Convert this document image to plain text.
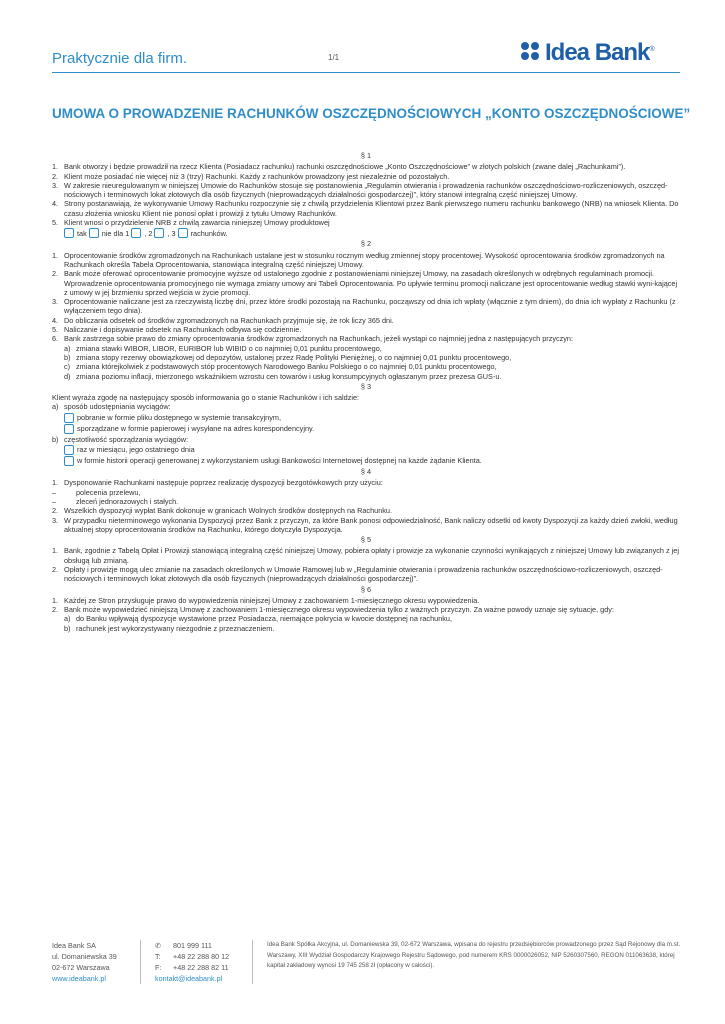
Praktycznie dla firm.	1/1	Idea Bank®
UMOWA O PROWADZENIE RACHUNKÓW OSZCZĘDNOŚCIOWYCH „KONTO OSZCZĘDNOŚCIOWE”
§ 1
1. Bank otworzy i będzie prowadził na rzecz Klienta (Posiadacz rachunku) rachunki oszczędnościowe „Konto Oszczędnościowe” w złotych polskich (zwane dalej „Rachunkami”).
2. Klient może posiadać nie więcej niż 3 (trzy) Rachunki. Każdy z rachunków prowadzony jest niezależnie od pozostałych.
3. W zakresie nieuregulowanym w niniejszej Umowie do Rachunków stosuje się postanowienia „Regulamin otwierania i prowadzenia rachunków oszczędnościowo-rozliczeniowych, oszczęd-nościowych i terminowych lokat złotowych dla osób fizycznych (nieprowadzących działalności gospodarczej)”, który stanowi integralną część niniejszej Umowy.
4. Strony postanawiają, że wykonywanie Umowy Rachunku rozpoczynie się z chwilą przydzielenia Klientowi przez Bank pierwszego numeru rachunku bankowego (NRB) na wniosek Klienta. Do czasu złożenia wniosku Klient nie ponosi opłat i prowizji z tytułu Umowy Rachunków.
5. Klient wnosi o przydzielenie NRB z chwilą zawarcia niniejszej Umowy produktowej
tak nie dla 1 , 2 , 3 rachunków.
§ 2
1. Oprocentowanie środków zgromadzonych na Rachunkach ustalane jest w stosunku rocznym według zmiennej stopy procentowej. Wysokość oprocentowania środków zgromadzonych na Rachunkach określa Tabela Oprocentowania, stanowiąca integralną część niniejszej Umowy.
2. Bank może oferować oprocentowanie promocyjne wyższe od ustalonego zgodnie z postanowieniami niniejszej Umowy, na zasadach określonych w odrębnych regulaminach promocji. Wprowadzenie oprocentowania promocyjnego nie wymaga zmiany umowy ani Tabeli Oprocentowania. Po upływie terminu promocji naliczane jest oprocentowanie według stawki wyni-kającej z umowy w jej brzmieniu sprzed wejścia w życie promocji.
3. Oprocentowanie naliczane jest za rzeczywistą liczbę dni, przez które środki pozostają na Rachunku, począwszy od dnia ich wpłaty (włącznie z tym dniem), do dnia ich wypłaty z Rachunku (z wyłączeniem tego dnia).
4. Do obliczania odsetek od środków zgromadzonych na Rachunkach przyjmuje się, że rok liczy 365 dni.
5. Naliczanie i dopisywanie odsetek na Rachunkach odbywa się codziennie.
6. Bank zastrzega sobie prawo do zmiany oprocentowania środków zgromadzonych na Rachunkach, jeżeli wystąpi co najmniej jedna z następujących przyczyn:
a) zmiana stawki WIBOR, LIBOR, EURIBOR lub WIBID o co najmniej 0,01 punktu procentowego,
b) zmiana stopy rezerwy obowiązkowej od depozytów, ustalonej przez Radę Polityki Pieniężnej, o co najmniej 0,01 punktu procentowego,
c) zmiana którejkolwiek z podstawowych stóp procentowych Narodowego Banku Polskiego o co najmniej 0,01 punktu procentowego,
d) zmiana poziomu inflacji, mierzonego wskaźnikiem wzrostu cen towarów i usług konsumpcyjnych ogłaszanym przez prezesa GUS-u.
§ 3
Klient wyraża zgodę na następujący sposób informowania go o stanie Rachunków i ich saldzie:
a) sposób udostępniania wyciągów:
pobranie w formie pliku dostępnego w systemie transakcyjnym,
sporządzane w formie papierowej i wysyłane na adres korespondencyjny.
b) częstotliwość sporządzania wyciągów:
raz w miesiącu, jego ostatniego dnia
w formie historii operacji generowanej z wykorzystaniem usługi Bankowości Internetowej dostępnej na każde żądanie Klienta.
§ 4
1. Dysponowanie Rachunkami następuje poprzez realizację dyspozycji bezgotówkowych przy użyciu:
–	polecenia przelewu,
–	zleceń jednorazowych i stałych.
2. Wszelkich dyspozycji wypłat Bank dokonuje w granicach Wolnych środków dostępnych na Rachunku.
3. W przypadku nieterminowego wykonania Dyspozycji przez Bank z przyczyn, za które Bank ponosi odpowiedzialność, Bank naliczy odsetki od kwoty Dyspozycji za każdy dzień zwłoki, według aktualnej stopy oprocentowania środków na Rachunku, którego dotyczyła Dyspozycja.
§ 5
1. Bank, zgodnie z Tabelą Opłat i Prowizji stanowiącą integralną część niniejszej Umowy, pobiera opłaty i prowizje za wykonanie czynności wynikających z niniejszej Umowy lub związanych z jej obsługą lub zmianą.
2. Opłaty i prowizje mogą ulec zmianie na zasadach określonych w Umowie Ramowej lub w „Regulaminie otwierania i prowadzenia rachunków oszczędnościowo-rozliczeniowych, oszczęd-nościowych i terminowych lokat złotowych dla osób fizycznych (nieprowadzących działalności gospodarczej)”.
§ 6
1. Każdej ze Stron przysługuje prawo do wypowiedzenia niniejszej Umowy z zachowaniem 1-miesięcznego okresu wypowiedzenia.
2. Bank może wypowiedzieć niniejszą Umowę z zachowaniem 1-miesięcznego okresu wypowiedzenia tylko z ważnych przyczyn. Za ważne powody uznaje się sytuacje, gdy:
a) do Banku wpływają dyspozycje wystawione przez Posiadacza, niemające pokrycia w kwocie dostępnej na rachunku,
b) rachunek jest wykorzystywany niezgodnie z przeznaczeniem.
Idea Bank SA
ul. Domaniewska 39
02-672 Warszawa
www.ideabank.pl
✆	801 999 111
T:	+48 22 288 80 12
F:	+48 22 288 82 11
kontakt@ideabank.pl
Idea Bank Spółka Akcyjna, ul. Domaniewska 39, 02-672 Warszawa, wpisana do rejestru przedsiębiorców prowadzonego przez Sąd Rejonowy dla m.st. Warszawy, XIII Wydział Gospodarczy Krajowego Rejestru Sądowego, pod numerem KRS 0000026052, NIP 5260307560, REGON 011063638, której kapitał zakładowy wynosi 19 745 258 zł (opłacony w całości).
